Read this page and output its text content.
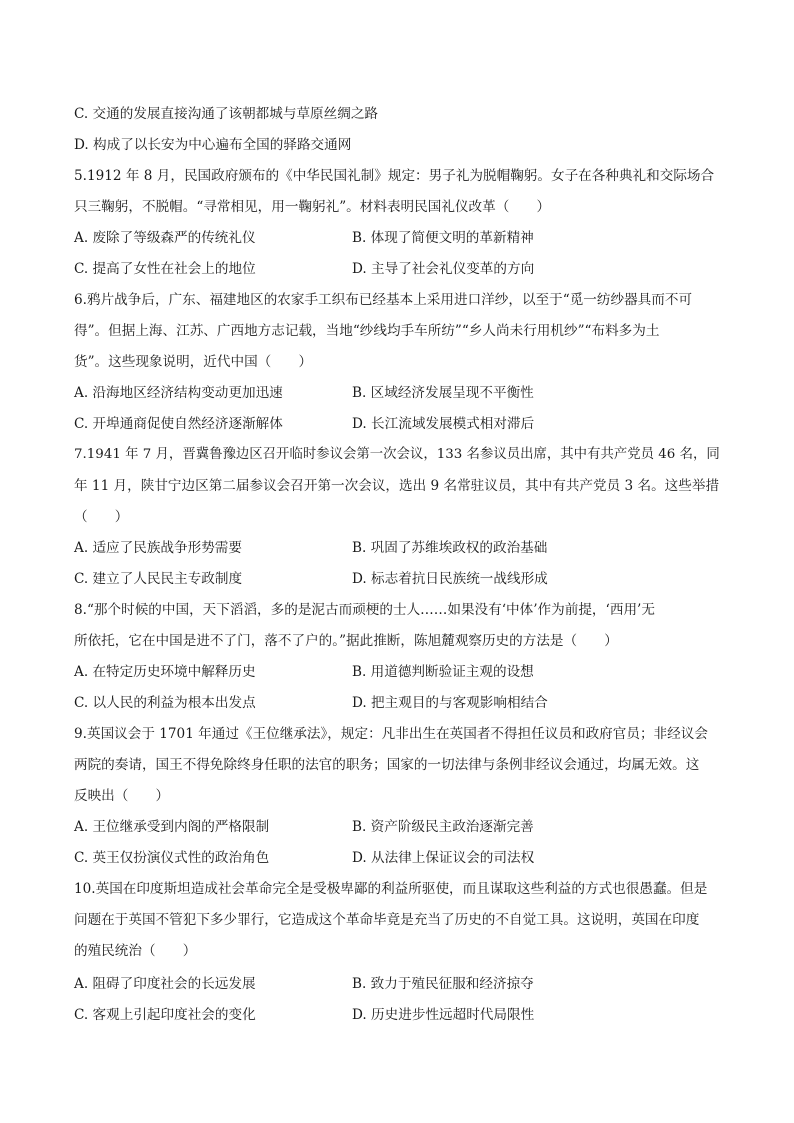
C. 交通的发展直接沟通了该朝都城与草原丝绸之路
D. 构成了以长安为中心遍布全国的驿路交通网
5.1912 年 8 月，民国政府颁布的《中华民国礼制》规定：男子礼为脱帽鞠躬。女子在各种典礼和交际场合
只三鞠躬，不脱帽。“寻常相见，用一鞠躬礼”。材料表明民国礼仪改革（　　）
A. 废除了等级森严的传统礼仪	B. 体现了简便文明的革新精神
C. 提高了女性在社会上的地位	D. 主导了社会礼仪变革的方向
6.鸦片战争后，广东、福建地区的农家手工织布已经基本上采用进口洋纱，以至于“觅一纺纱器具而不可
得”。但据上海、江苏、广西地方志记载，当地“纱线均手车所纺”“乡人尚未行用机纱”“布料多为土
货”。这些现象说明，近代中国（　　）
A. 沿海地区经济结构变动更加迅速	B. 区域经济发展呈现不平衡性
C. 开埠通商促使自然经济逐渐解体	D. 长江流域发展模式相对滞后
7.1941 年 7 月，晋冀鲁豫边区召开临时参议会第一次会议，133 名参议员出席，其中有共产党员 46 名，同
年 11 月，陕甘宁边区第二届参议会召开第一次会议，选出 9 名常驻议员，其中有共产党员 3 名。这些举措
（　　）
A. 适应了民族战争形势需要	B. 巩固了苏维埃政权的政治基础
C. 建立了人民民主专政制度	D. 标志着抗日民族统一战线形成
8.“那个时候的中国，天下滔滔，多的是泥古而顽梗的士人……如果没有‘中体’作为前提，‘西用’无
所依托，它在中国是进不了门，落不了户的。”据此推断，陈旭麓观察历史的方法是（　　）
A. 在特定历史环境中解释历史	B. 用道德判断验证主观的设想
C. 以人民的利益为根本出发点	D. 把主观目的与客观影响相结合
9.英国议会于 1701 年通过《王位继承法》，规定：凡非出生在英国者不得担任议员和政府官员；非经议会
两院的奏请，国王不得免除终身任职的法官的职务；国家的一切法律与条例非经议会通过，均属无效。这
反映出（　　）
A. 王位继承受到内阁的严格限制	B. 资产阶级民主政治逐渐完善
C. 英王仅扮演仪式性的政治角色	D. 从法律上保证议会的司法权
10.英国在印度斯坦造成社会革命完全是受极卑鄙的利益所驱使，而且谋取这些利益的方式也很愚蠢。但是
问题在于英国不管犯下多少罪行，它造成这个革命毕竟是充当了历史的不自觉工具。这说明，英国在印度
的殖民统治（　　）
A. 阻碍了印度社会的长远发展	B. 致力于殖民征服和经济掠夺
C. 客观上引起印度社会的变化	D. 历史进步性远超时代局限性
